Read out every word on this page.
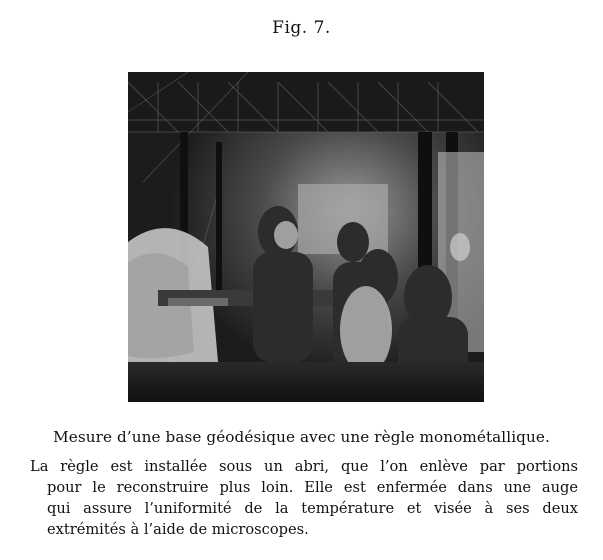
Fig. 7.
Mesure d’une base géodésique avec une règle monométallique.
La règle est installée sous un abri, que l’on enlève par portions
pour le reconstruire plus loin. Elle est enfermée dans une auge
qui assure l’uniformité de la température et visée à ses deux
extrémités à l’aide de microscopes.
